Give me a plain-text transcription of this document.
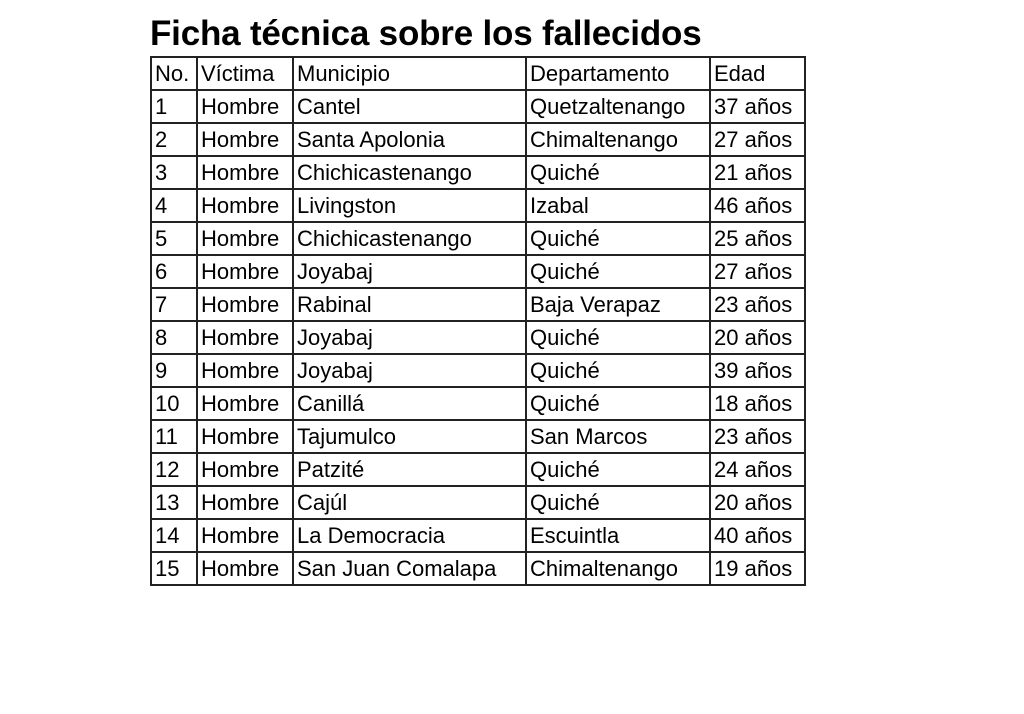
Ficha técnica sobre los fallecidos
No.	Víctima	Municipio	Departamento	Edad
1	Hombre	Cantel	Quetzaltenango	37 años
2	Hombre	Santa Apolonia	Chimaltenango	27 años
3	Hombre	Chichicastenango	Quiché	21 años
4	Hombre	Livingston	Izabal	46 años
5	Hombre	Chichicastenango	Quiché	25 años
6	Hombre	Joyabaj	Quiché	27 años
7	Hombre	Rabinal	Baja Verapaz	23 años
8	Hombre	Joyabaj	Quiché	20 años
9	Hombre	Joyabaj	Quiché	39 años
10	Hombre	Canillá	Quiché	18 años
11	Hombre	Tajumulco	San Marcos	23 años
12	Hombre	Patzité	Quiché	24 años
13	Hombre	Cajúl	Quiché	20 años
14	Hombre	La Democracia	Escuintla	40 años
15	Hombre	San Juan Comalapa	Chimaltenango	19 años
